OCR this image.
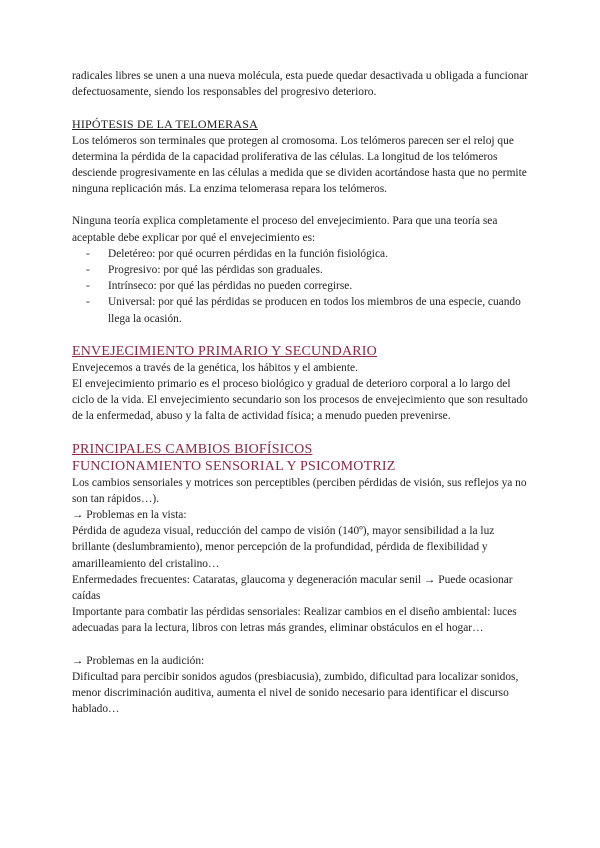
radicales libres se unen a una nueva molécula, esta puede quedar desactivada u obligada a funcionar defectuosamente, siendo los responsables del progresivo deterioro.

HIPÓTESIS DE LA TELOMERASA

Los telómeros son terminales que protegen al cromosoma. Los telómeros parecen ser el reloj que determina la pérdida de la capacidad proliferativa de las células. La longitud de los telómeros desciende progresivamente en las células a medida que se dividen acortándose hasta que no permite ninguna replicación más. La enzima telomerasa repara los telómeros.

Ninguna teoría explica completamente el proceso del envejecimiento. Para que una teoría sea aceptable debe explicar por qué el envejecimiento es:

- Deletéreo: por qué ocurren pérdidas en la función fisiológica.
- Progresivo: por qué las pérdidas son graduales.
- Intrínseco: por qué las pérdidas no pueden corregirse.
- Universal: por qué las pérdidas se producen en todos los miembros de una especie, cuando llega la ocasión.

ENVEJECIMIENTO PRIMARIO Y SECUNDARIO

Envejecemos a través de la genética, los hábitos y el ambiente.

El envejecimiento primario es el proceso biológico y gradual de deterioro corporal a lo largo del ciclo de la vida. El envejecimiento secundario son los procesos de envejecimiento que son resultado de la enfermedad, abuso y la falta de actividad física; a menudo pueden prevenirse.

PRINCIPALES CAMBIOS BIOFÍSICOS

FUNCIONAMIENTO SENSORIAL Y PSICOMOTRIZ

Los cambios sensoriales y motrices son perceptibles (perciben pérdidas de visión, sus reflejos ya no son tan rápidos…).

→ Problemas en la vista:

Pérdida de agudeza visual, reducción del campo de visión (140º), mayor sensibilidad a la luz brillante (deslumbramiento), menor percepción de la profundidad, pérdida de flexibilidad y amarilleamiento del cristalino…

Enfermedades frecuentes: Cataratas, glaucoma y degeneración macular senil → Puede ocasionar caídas

Importante para combatir las pérdidas sensoriales: Realizar cambios en el diseño ambiental: luces adecuadas para la lectura, libros con letras más grandes, eliminar obstáculos en el hogar…

→ Problemas en la audición:

Dificultad para percibir sonidos agudos (presbiacusia), zumbido, dificultad para localizar sonidos, menor discriminación auditiva, aumenta el nivel de sonido necesario para identificar el discurso hablado…
